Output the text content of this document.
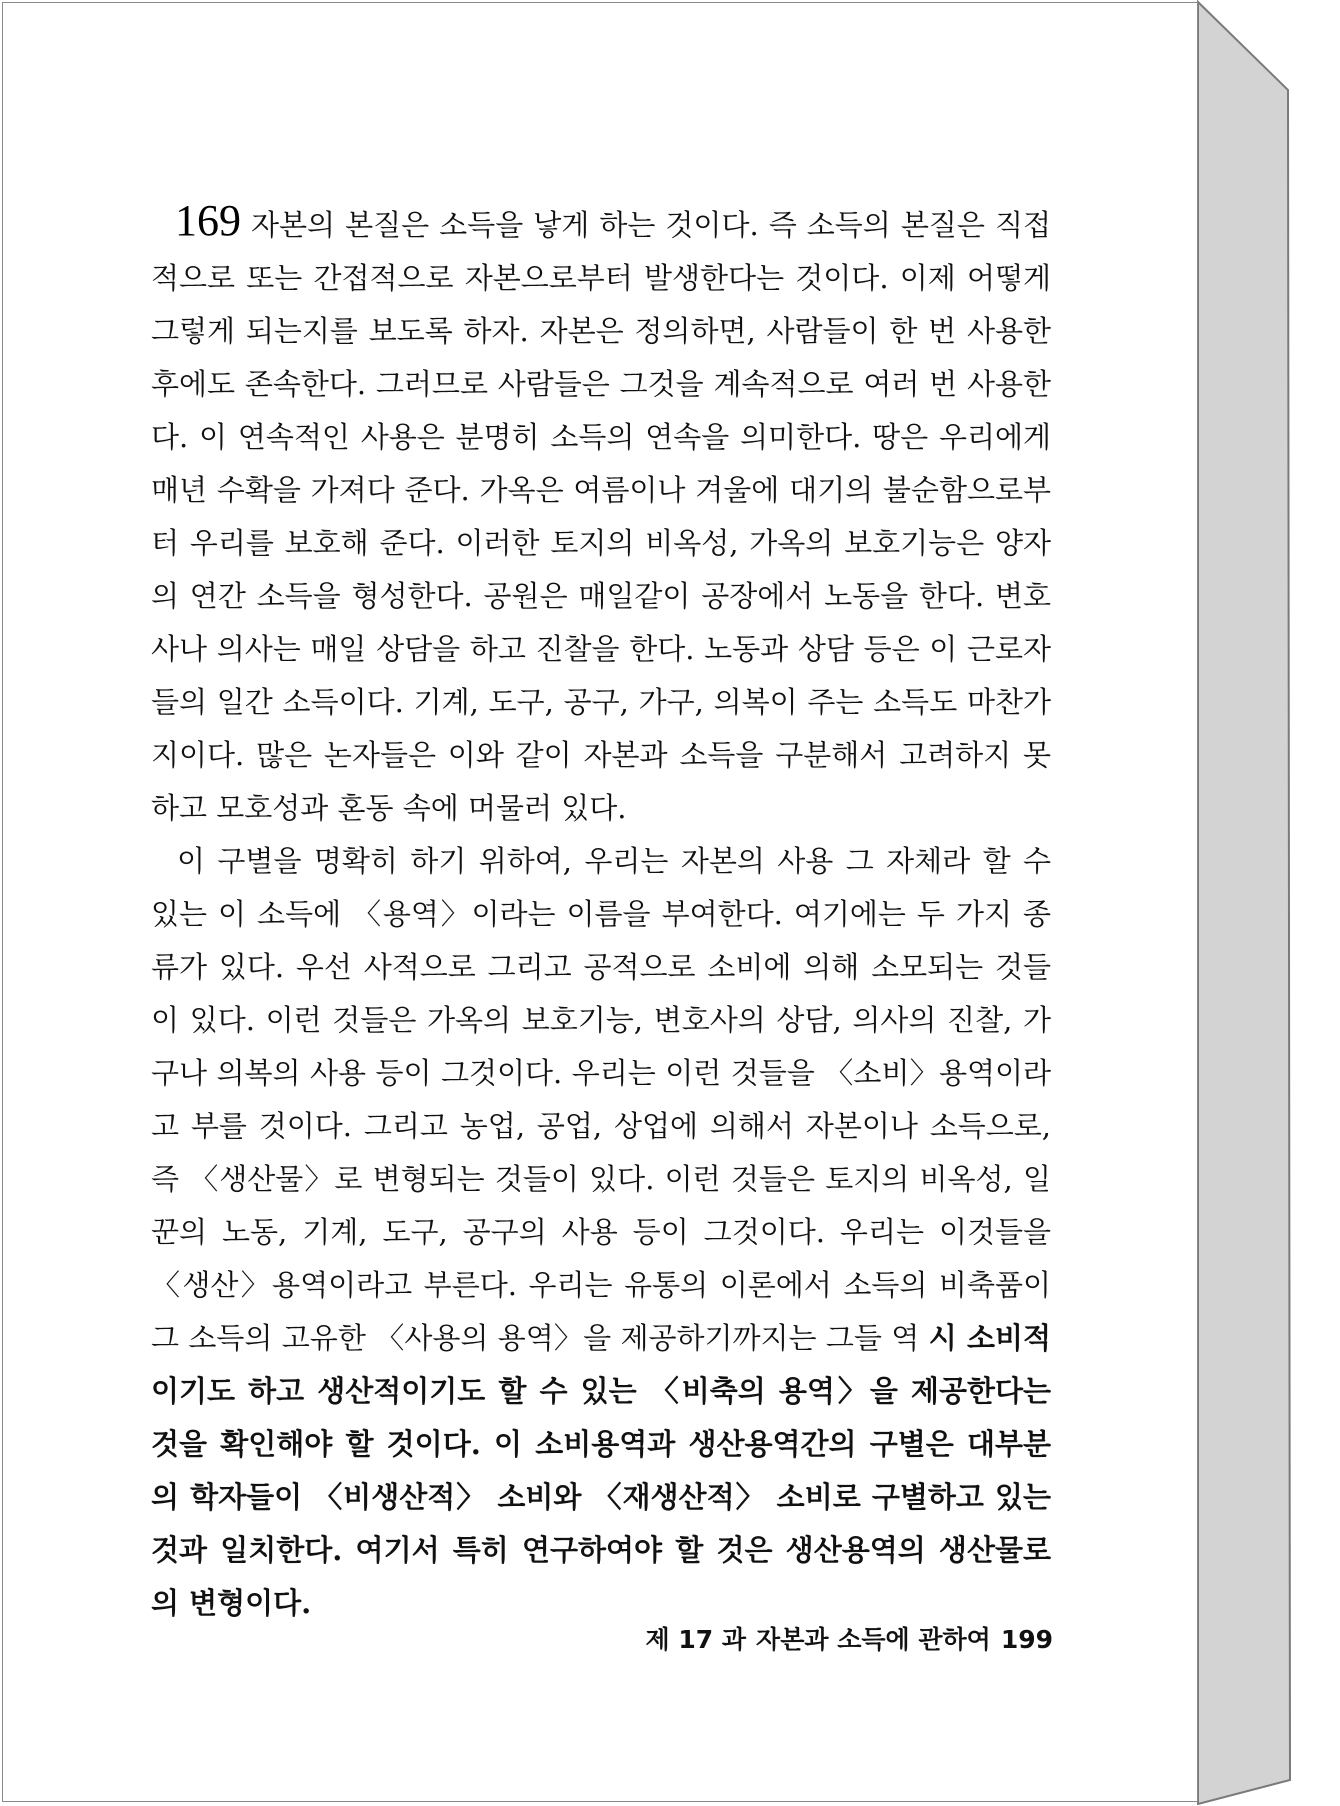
169 자본의 본질은 소득을 낳게 하는 것이다. 즉 소득의 본질은 직접적으로 또는 간접적으로 자본으로부터 발생한다는 것이다. 이제 어떻게 그렇게 되는지를 보도록 하자. 자본은 정의하면, 사람들이 한 번 사용한 후에도 존속한다. 그러므로 사람들은 그것을 계속적으로 여러 번 사용한다. 이 연속적인 사용은 분명히 소득의 연속을 의미한다. 땅은 우리에게 매년 수확을 가져다 준다. 가옥은 여름이나 겨울에 대기의 불순함으로부터 우리를 보호해 준다. 이러한 토지의 비옥성, 가옥의 보호기능은 양자의 연간 소득을 형성한다. 공원은 매일같이 공장에서 노동을 한다. 변호사나 의사는 매일 상담을 하고 진찰을 한다. 노동과 상담 등은 이 근로자들의 일간 소득이다. 기계, 도구, 공구, 가구, 의복이 주는 소득도 마찬가지이다. 많은 논자들은 이와 같이 자본과 소득을 구분해서 고려하지 못하고 모호성과 혼동 속에 머물러 있다.

이 구별을 명확히 하기 위하여, 우리는 자본의 사용 그 자체라 할 수 있는 이 소득에 〈용역〉이라는 이름을 부여한다. 여기에는 두 가지 종류가 있다. 우선 사적으로 그리고 공적으로 소비에 의해 소모되는 것들이 있다. 이런 것들은 가옥의 보호기능, 변호사의 상담, 의사의 진찰, 가구나 의복의 사용 등이 그것이다. 우리는 이런 것들을 〈소비〉용역이라고 부를 것이다. 그리고 농업, 공업, 상업에 의해서 자본이나 소득으로, 즉 〈생산물〉로 변형되는 것들이 있다. 이런 것들은 토지의 비옥성, 일꾼의 노동, 기계, 도구, 공구의 사용 등이 그것이다. 우리는 이것들을 〈생산〉용역이라고 부른다. 우리는 유통의 이론에서 소득의 비축품이 그 소득의 고유한 〈사용의 용역〉을 제공하기까지는 그들 역 시 소비적이기도 하고 생산적이기도 할 수 있는 〈비축의 용역〉을 제공한다는 것을 확인해야 할 것이다. 이 소비용역과 생산용역간의 구별은 대부분의 학자들이 〈비생산적〉 소비와 〈재생산적〉 소비로 구별하고 있는 것과 일치한다. 여기서 특히 연구하여야 할 것은 생산용역의 생산물로의 변형이다.

제 17 과 자본과 소득에 관하여 199
